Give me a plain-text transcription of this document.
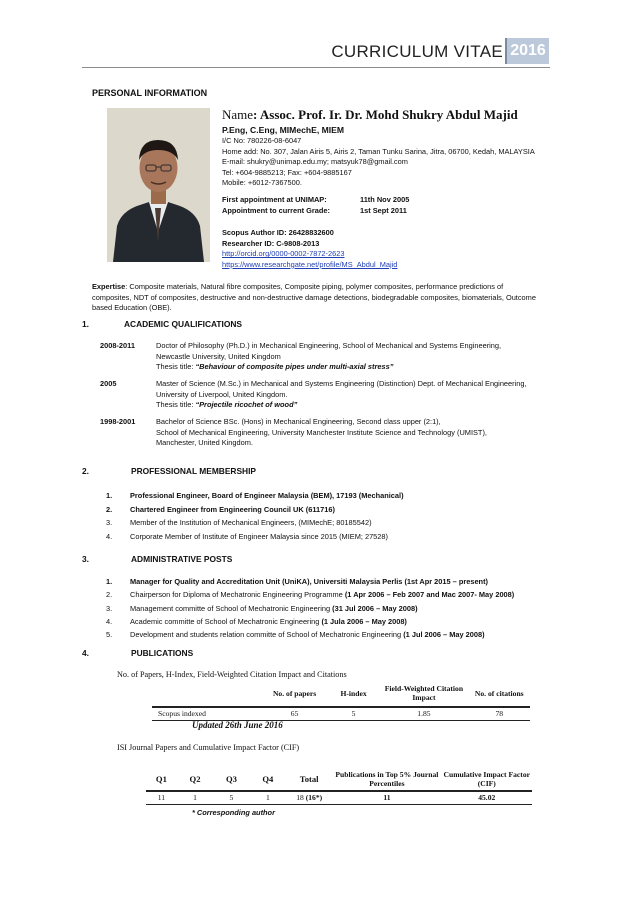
CURRICULUM VITAE 2016
PERSONAL INFORMATION
Name: Assoc. Prof. Ir. Dr. Mohd Shukry Abdul Majid
P.Eng, C.Eng, MIMechE, MIEM
I/C No: 780226-08-6047
Home add: No. 307, Jalan Airis 5, Airis 2, Taman Tunku Sarina, Jitra, 06700, Kedah, MALAYSIA
E-mail: shukry@unimap.edu.my; matsyuk78@gmail.com
Tel: +604-9885213; Fax: +604-9885167
Mobile: +6012-7367500.
First appointment at UNIMAP:	11th Nov 2005
Appointment to current Grade:	1st Sept 2011
Scopus Author ID: 26428832600
Researcher ID: C-9808-2013
http://orcid.org/0000-0002-7872-2623
https://www.researchgate.net/profile/MS_Abdul_Majid
Expertise: Composite materials, Natural fibre composites, Composite piping, polymer composites, performance predictions of composites, NDT of composites, destructive and non-destructive damage detections, biodegradable composites, biomaterials, Outcome based Education (OBE).
1.	ACADEMIC QUALIFICATIONS
2008-2011	Doctor of Philosophy (Ph.D.) in Mechanical Engineering, School of Mechanical and Systems Engineering,
Newcastle University, United Kingdom
Thesis title: “Behaviour of composite pipes under multi-axial stress”
2005	Master of Science (M.Sc.) in Mechanical and Systems Engineering (Distinction) Dept. of Mechanical Engineering,
University of Liverpool, United Kingdom.
Thesis title: “Projectile ricochet of wood”
1998-2001	Bachelor of Science BSc. (Hons) in Mechanical Engineering, Second class upper (2:1),
School of Mechanical Engineering, University Manchester Institute Science and Technology (UMIST),
Manchester, United Kingdom.
2.	PROFESSIONAL MEMBERSHIP
1. Professional Engineer, Board of Engineer Malaysia (BEM), 17193 (Mechanical)
2. Chartered Engineer from Engineering Council UK (611716)
3. Member of the Institution of Mechanical Engineers, (MIMechE; 80185542)
4. Corporate Member of Institute of Engineer Malaysia since 2015 (MIEM; 27528)
3.	ADMINISTRATIVE POSTS
1. Manager for Quality and Accreditation Unit (UniKA), Universiti Malaysia Perlis (1st Apr 2015 – present)
2. Chairperson for Diploma of Mechatronic Engineering Programme (1 Apr 2006 – Feb 2007 and Mac 2007- May 2008)
3. Management committe of School of Mechatronic Engineering (31 Jul 2006 – May 2008)
4. Academic committe of School of Mechatronic Engineering (1 Jula 2006 – May 2008)
5. Development and students relation committe of School of Mechatronic Engineering (1 Jul 2006 – May 2008)
4.	PUBLICATIONS
No. of Papers, H-Index, Field-Weighted Citation Impact and Citations
	No. of papers	H-index	Field-Weighted Citation Impact	No. of citations
Scopus indexed	65	5	1.85	78
Updated 26th June 2016
ISI Journal Papers and Cumulative Impact Factor (CIF)
Q1	Q2	Q3	Q4	Total	Publications in Top 5% Journal Percentiles	Cumulative Impact Factor (CIF)
11	1	5	1	18 (16*)	11	45.02
* Corresponding author
